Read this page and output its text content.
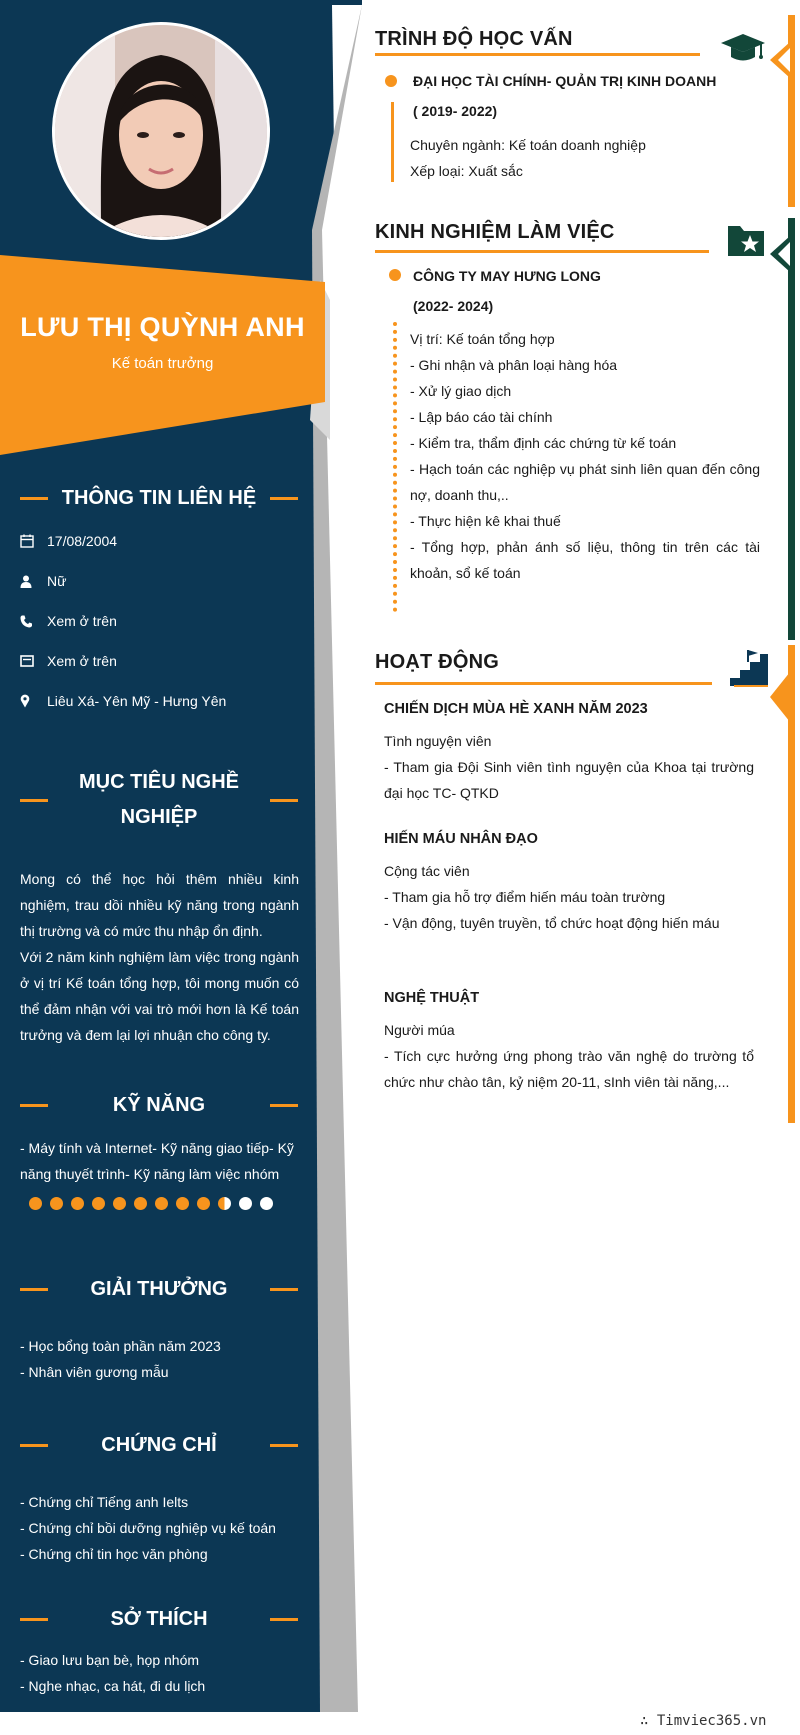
LƯU THỊ QUỲNH ANH
Kế toán trưởng
THÔNG TIN LIÊN HỆ
17/08/2004
Nữ
Xem ở trên
Xem ở trên
Liêu Xá- Yên Mỹ - Hưng Yên
MỤC TIÊU NGHỀ NGHIỆP
Mong có thể học hỏi thêm nhiều kinh nghiệm, trau dồi nhiều kỹ năng trong ngành thị trường và có mức thu nhập ổn định.
Với 2 năm kinh nghiệm làm việc trong ngành ở vị trí Kế toán tổng hợp, tôi mong muốn có thể đảm nhận với vai trò mới hơn là Kế toán trưởng và đem lại lợi nhuận cho công ty.
KỸ NĂNG
- Máy tính và Internet- Kỹ năng giao tiếp- Kỹ năng thuyết trình- Kỹ năng làm việc nhóm
GIẢI THƯỞNG
- Học bổng toàn phần năm 2023
- Nhân viên gương mẫu
CHỨNG CHỈ
- Chứng chỉ Tiếng anh Ielts
- Chứng chỉ bồi dưỡng nghiệp vụ kế toán
- Chứng chỉ tin học văn phòng
SỞ THÍCH
- Giao lưu bạn bè, họp nhóm
- Nghe nhạc, ca hát, đi du lịch
TRÌNH ĐỘ HỌC VẤN
ĐẠI HỌC TÀI CHÍNH- QUẢN TRỊ KINH DOANH
( 2019- 2022)
Chuyên ngành: Kế toán doanh nghiệp
Xếp loại: Xuất sắc
KINH NGHIỆM LÀM VIỆC
CÔNG TY MAY HƯNG LONG
(2022- 2024)
Vị trí: Kế toán tổng hợp
- Ghi nhận và phân loại hàng hóa
- Xử lý giao dịch
- Lập báo cáo tài chính
- Kiểm tra, thẩm định các chứng từ kế toán
- Hạch toán các nghiệp vụ phát sinh liên quan đến công nợ, doanh thu,..
- Thực hiện kê khai thuế
- Tổng hợp, phản ánh số liệu, thông tin trên các tài khoản, sổ kế toán
HOẠT ĐỘNG
CHIẾN DỊCH MÙA HÈ XANH NĂM 2023
Tình nguyện viên
- Tham gia Đội Sinh viên tình nguyện của Khoa tại trường đại học TC- QTKD
HIẾN MÁU NHÂN ĐẠO
Cộng tác viên
- Tham gia hỗ trợ điểm hiến máu toàn trường
- Vận động, tuyên truyền, tổ chức hoạt động hiến máu
NGHỆ THUẬT
Người múa
- Tích cực hưởng ứng phong trào văn nghệ do trường tổ chức như chào tân, kỷ niệm 20-11, sInh viên tài năng,...
∴ Timviec365.vn
